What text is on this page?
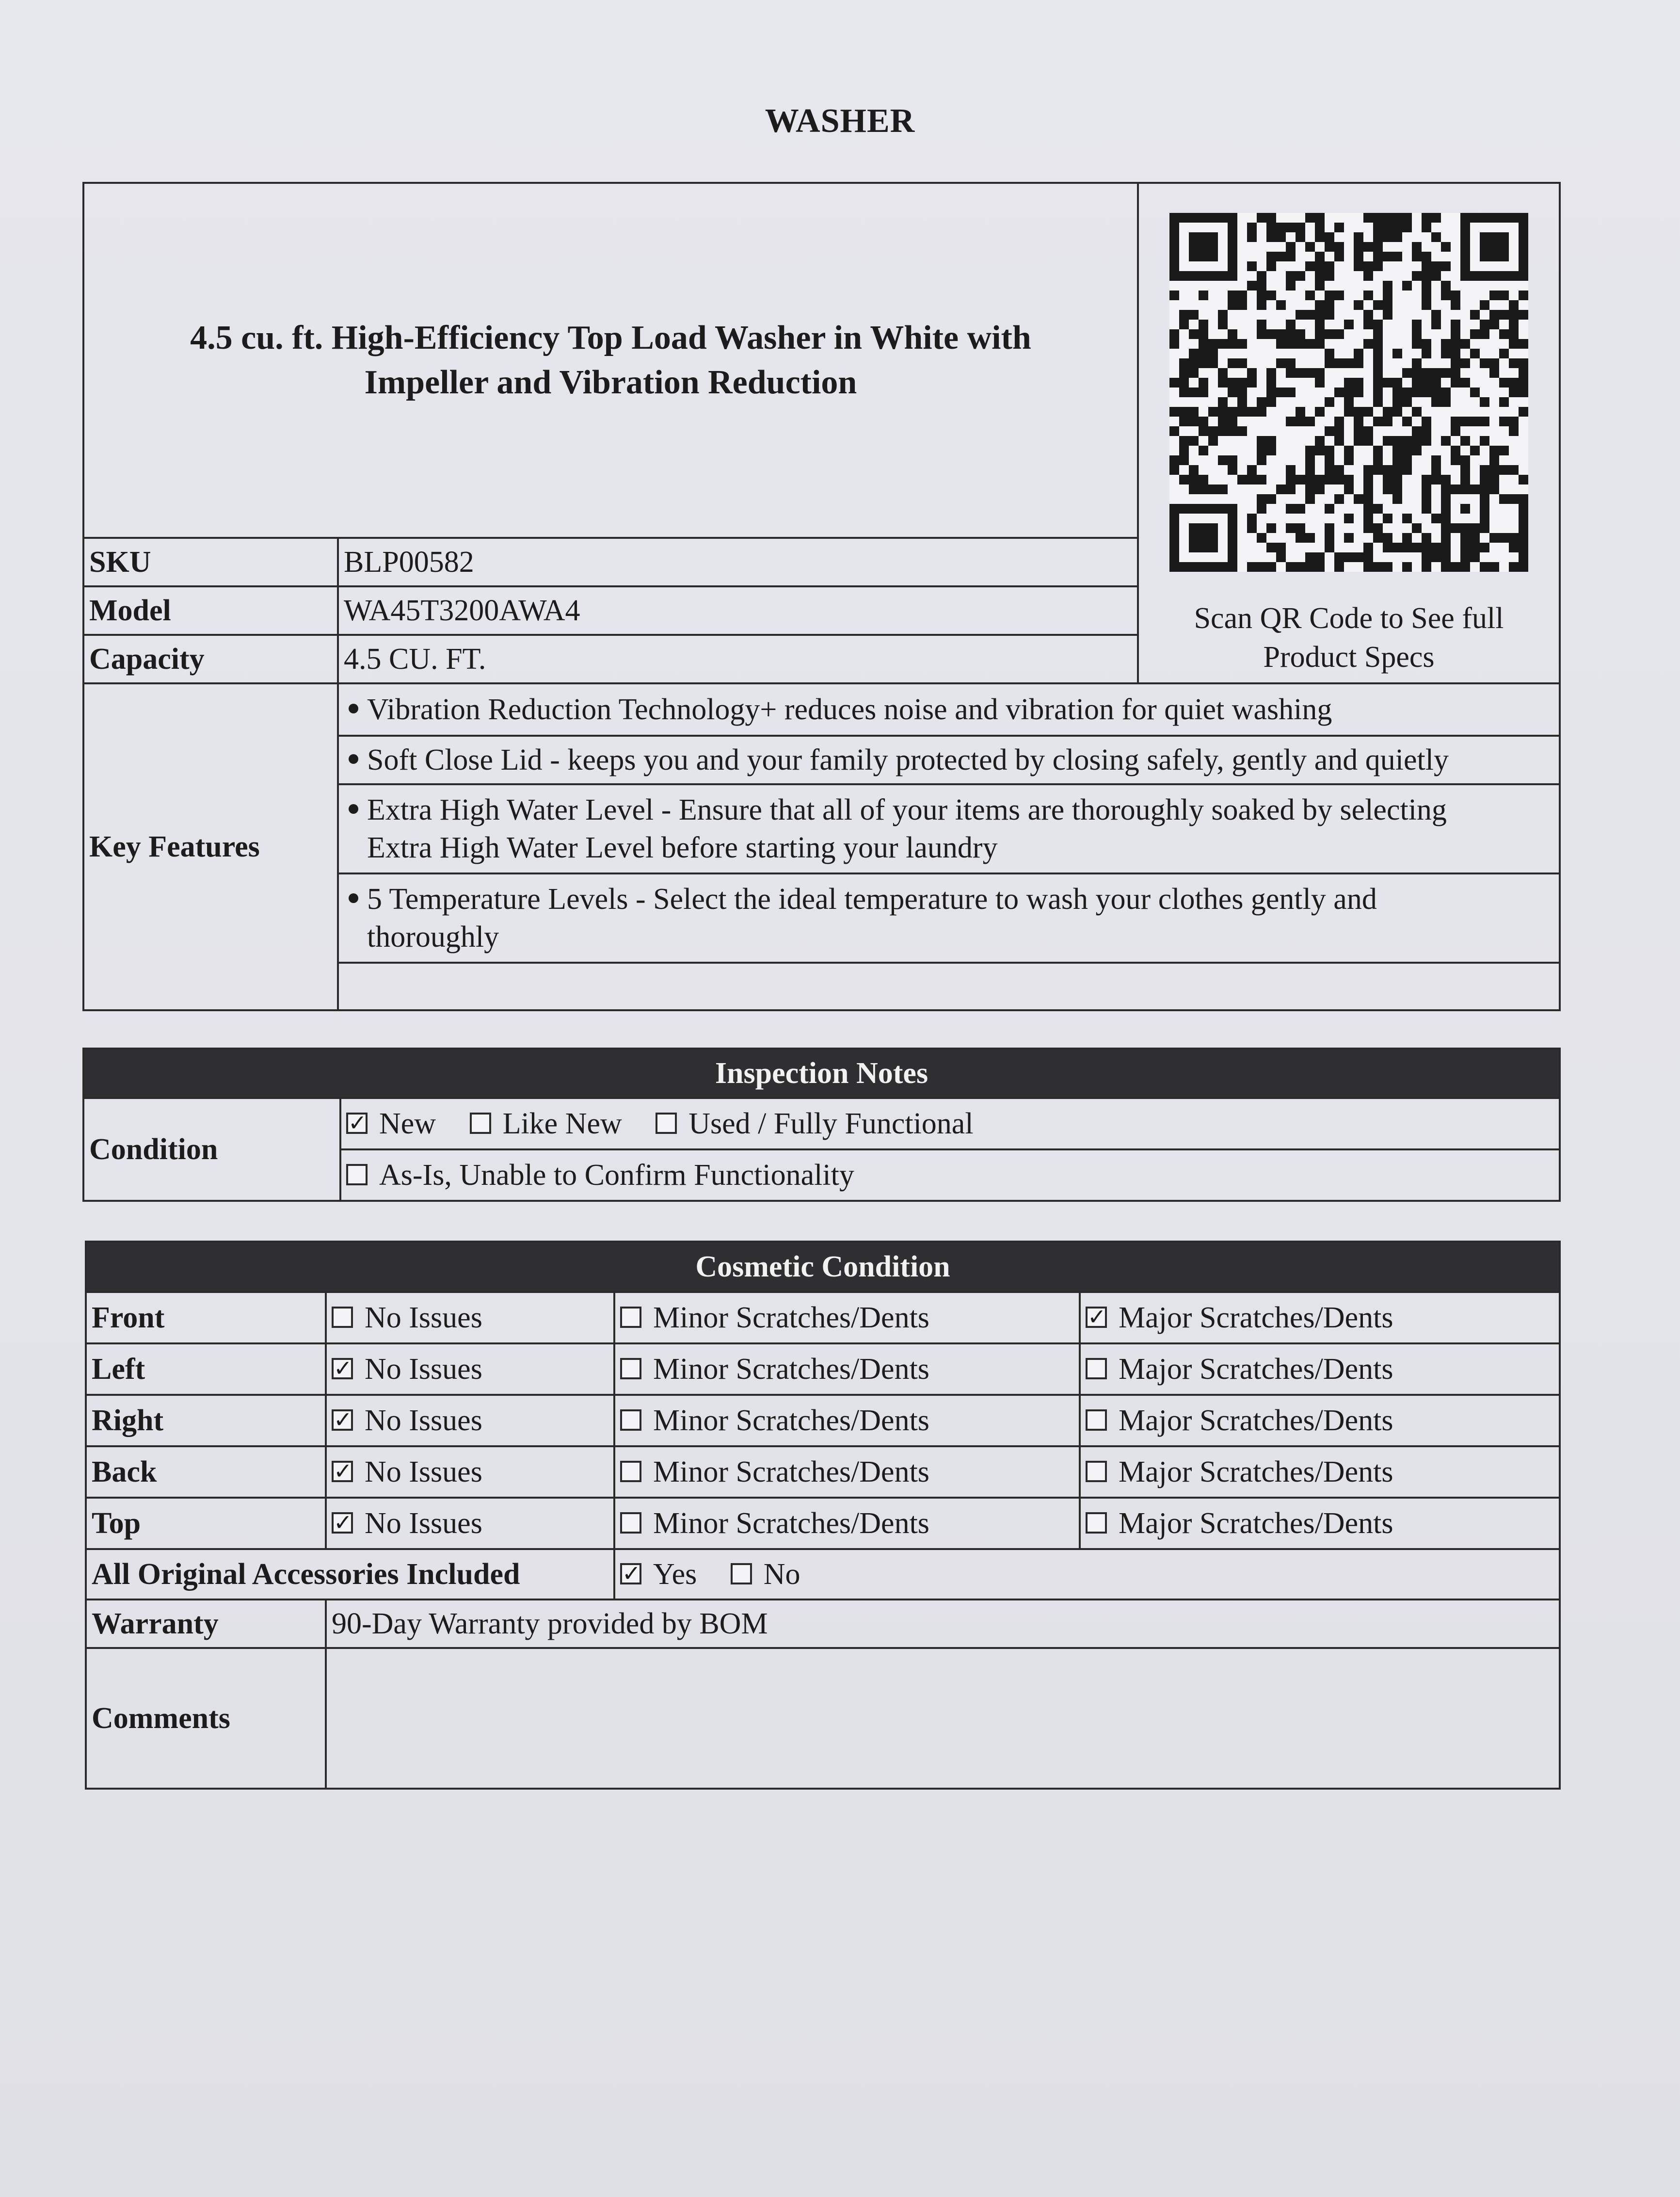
WASHER
4.5 cu. ft. High-Efficiency Top Load Washer in White with
Impeller and Vibration Reduction		Scan QR Code to See full
Product Specs

SKU	BLP00582	
Model	WA45T3200AWA4	
Capacity	4.5 CU. FT.	
Key Features	Vibration Reduction Technology+ reduces noise and vibration for quiet washing	
	Soft Close Lid - keeps you and your family protected by closing safely, gently and quietly	
	Extra High Water Level - Ensure that all of your items are thoroughly soaked by selecting
Extra High Water Level before starting your laundry	
	5 Temperature Levels - Select the ideal temperature to wash your clothes gently and
thoroughly	

Inspection Notes
Condition	✓ New Like New Used / Fully Functional
As-Is, Unable to Confirm Functionality
Cosmetic Condition			
Front	No Issues	Minor Scratches/Dents	✓ Major Scratches/Dents
Left	✓ No Issues	Minor Scratches/Dents	Major Scratches/Dents
Right	✓ No Issues	Minor Scratches/Dents	Major Scratches/Dents
Back	✓ No Issues	Minor Scratches/Dents	Major Scratches/Dents
Top	✓ No Issues	Minor Scratches/Dents	Major Scratches/Dents
All Original Accessories Included		✓ Yes No	
Warranty	90-Day Warranty provided by BOM		
Comments			
